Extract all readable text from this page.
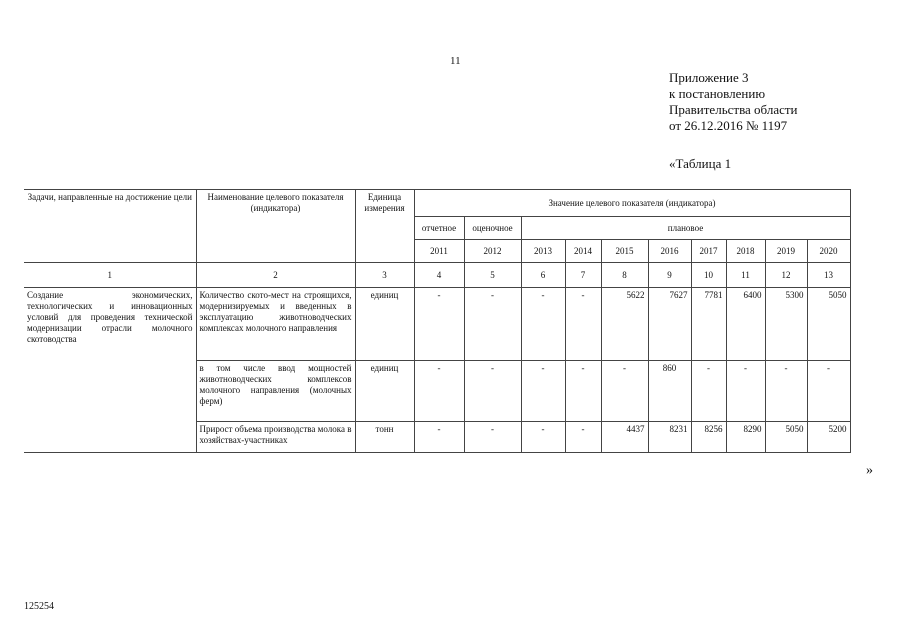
11
Приложение 3
к постановлению
Правительства области
от 26.12.2016 № 1197
«Таблица 1
Задачи, направленные на достижение цели	Наименование целевого показателя (индикатора)	Единица измерения	Значение целевого показателя (индикатора)									
			отчетное	оценочное	плановое							
			2011	2012	2013	2014	2015	2016	2017	2018	2019	2020
1	2	3	4	5	6	7	8	9	10	11	12	13
Создание экономических, технологических и инновационных условий для проведения технической модернизации отрасли молочного скотоводства	Количество ското-мест на строящихся, модернизируемых и введенных в эксплуатацию животноводческих комплексах молочного направления	единиц	-	-	-	-	5622	7627	7781	6400	5300	5050
	в том числе ввод мощностей животноводческих комплексов молочного направления (молочных ферм)	единиц	-	-	-	-	-	860	-	-	-	-
	Прирост объема производства молока в хозяйствах-участниках	тонн	-	-	-	-	4437	8231	8256	8290	5050	5200
»
125254
